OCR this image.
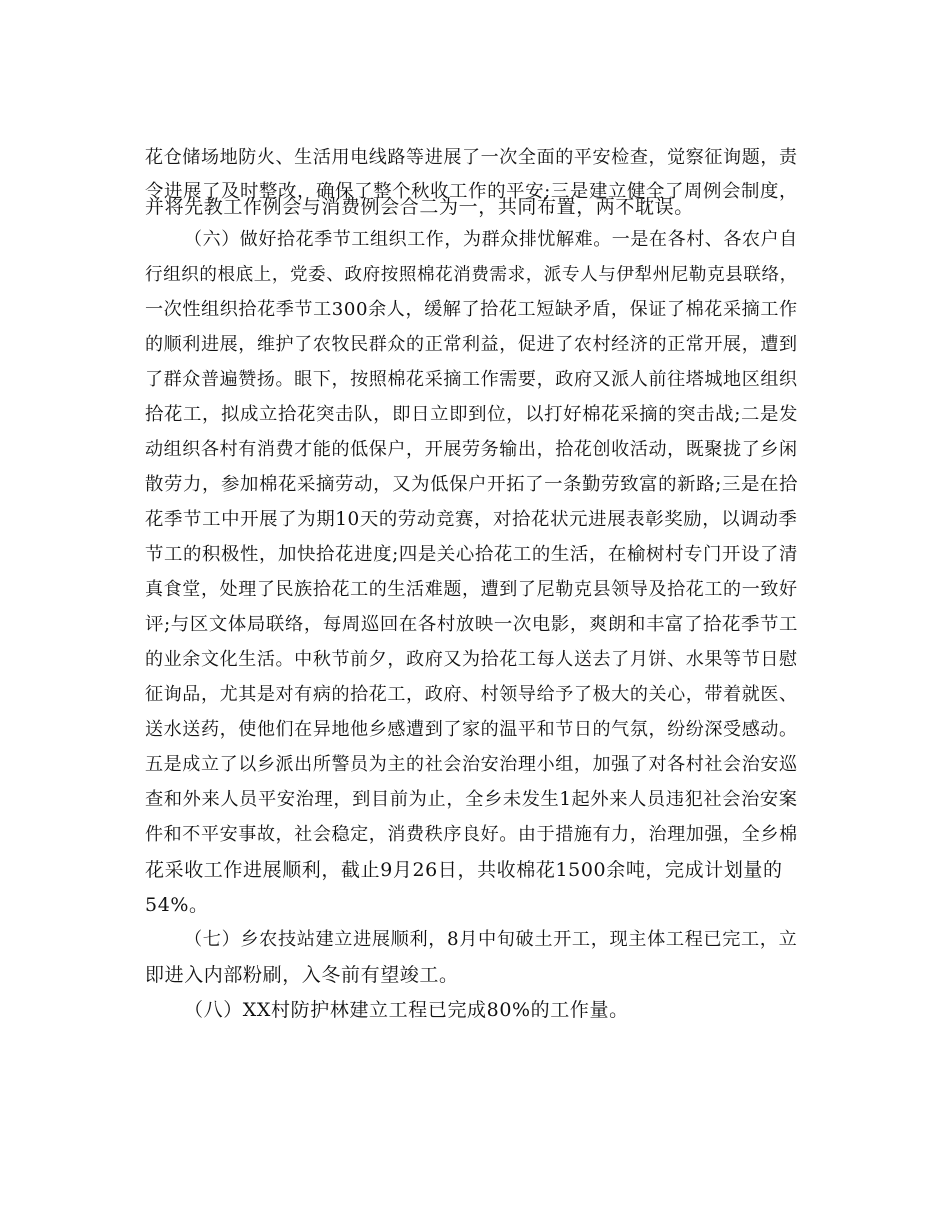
花仓储场地防火、生活用电线路等进展了一次全面的平安检查，觉察征询题，责
令进展了及时整改，确保了整个秋收工作的平安;三是建立健全了周例会制度，
并将先教工作例会与消费例会合二为一，共同布置，两不耽误。
（六）做好拾花季节工组织工作，为群众排忧解难。一是在各村、各农户自
行组织的根底上，党委、政府按照棉花消费需求，派专人与伊犁州尼勒克县联络，
一次性组织拾花季节工300余人，缓解了拾花工短缺矛盾，保证了棉花采摘工作
的顺利进展，维护了农牧民群众的正常利益，促进了农村经济的正常开展，遭到
了群众普遍赞扬。眼下，按照棉花采摘工作需要，政府又派人前往塔城地区组织
拾花工，拟成立拾花突击队，即日立即到位，以打好棉花采摘的突击战;二是发
动组织各村有消费才能的低保户，开展劳务输出，拾花创收活动，既聚拢了乡闲
散劳力，参加棉花采摘劳动，又为低保户开拓了一条勤劳致富的新路;三是在拾
花季节工中开展了为期10天的劳动竞赛，对拾花状元进展表彰奖励，以调动季
节工的积极性，加快拾花进度;四是关心拾花工的生活，在榆树村专门开设了清
真食堂，处理了民族拾花工的生活难题，遭到了尼勒克县领导及拾花工的一致好
评;与区文体局联络，每周巡回在各村放映一次电影，爽朗和丰富了拾花季节工
的业余文化生活。中秋节前夕，政府又为拾花工每人送去了月饼、水果等节日慰
征询品，尤其是对有病的拾花工，政府、村领导给予了极大的关心，带着就医、
送水送药，使他们在异地他乡感遭到了家的温平和节日的气氛，纷纷深受感动。
五是成立了以乡派出所警员为主的社会治安治理小组，加强了对各村社会治安巡
查和外来人员平安治理，到目前为止，全乡未发生1起外来人员违犯社会治安案
件和不平安事故，社会稳定，消费秩序良好。由于措施有力，治理加强，全乡棉
花采收工作进展顺利，截止9月26日，共收棉花1500余吨，完成计划量的
54%。
（七）乡农技站建立进展顺利，8月中旬破土开工，现主体工程已完工，立
即进入内部粉刷，入冬前有望竣工。
（八）XX村防护林建立工程已完成80%的工作量。
